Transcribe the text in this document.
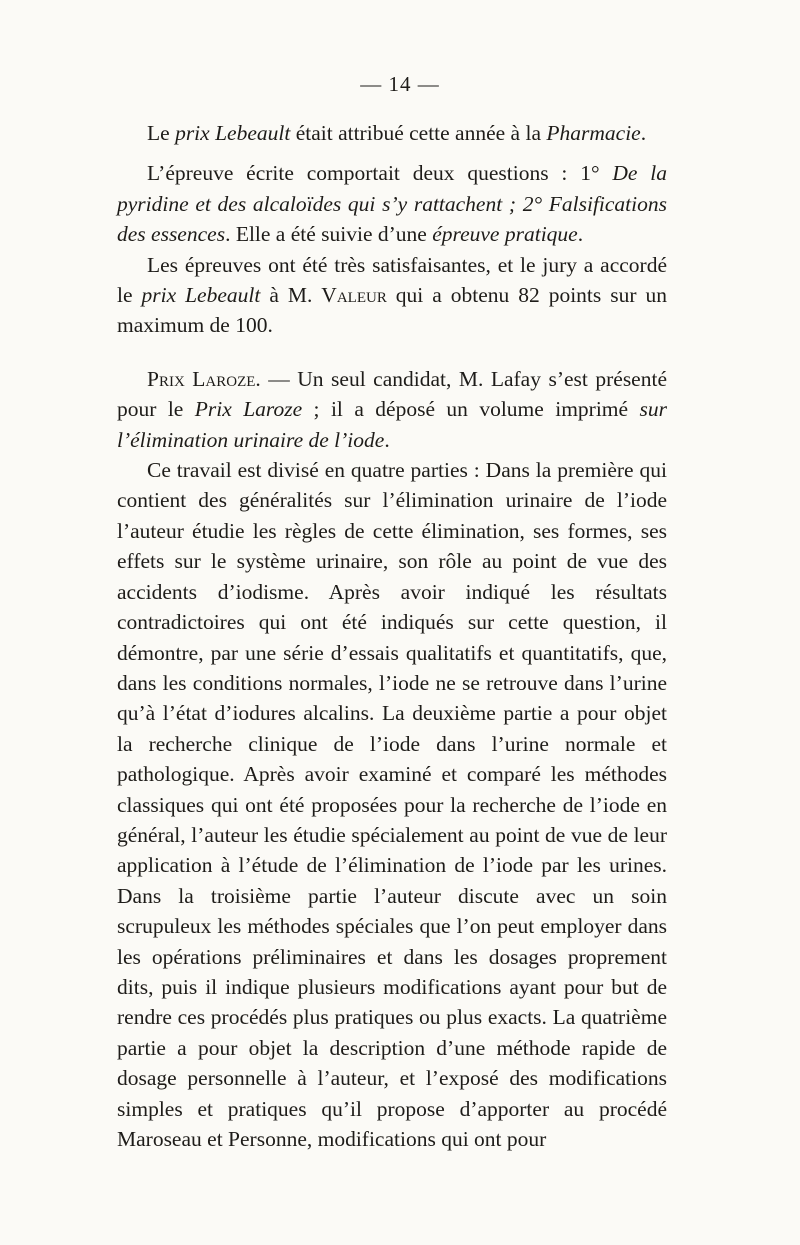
— 14 —

Le prix Lebeault était attribué cette année à la Pharmacie.

L’épreuve écrite comportait deux questions : 1° De la pyridine et des alcaloïdes qui s’y rattachent ; 2° Falsifications des essences. Elle a été suivie d’une épreuve pratique.

Les épreuves ont été très satisfaisantes, et le jury a accordé le prix Lebeault à M. Valeur qui a obtenu 82 points sur un maximum de 100.

Prix Laroze. — Un seul candidat, M. Lafay s’est présenté pour le Prix Laroze ; il a déposé un volume imprimé sur l’élimination urinaire de l’iode.

Ce travail est divisé en quatre parties : Dans la première qui contient des généralités sur l’élimination urinaire de l’iode l’auteur étudie les règles de cette élimination, ses formes, ses effets sur le système urinaire, son rôle au point de vue des accidents d’iodisme. Après avoir indiqué les résultats contradictoires qui ont été indiqués sur cette question, il démontre, par une série d’essais qualitatifs et quantitatifs, que, dans les conditions normales, l’iode ne se retrouve dans l’urine qu’à l’état d’iodures alcalins. La deuxième partie a pour objet la recherche clinique de l’iode dans l’urine normale et pathologique. Après avoir examiné et comparé les méthodes classiques qui ont été proposées pour la recherche de l’iode en général, l’auteur les étudie spécialement au point de vue de leur application à l’étude de l’élimination de l’iode par les urines. Dans la troisième partie l’auteur discute avec un soin scrupuleux les méthodes spéciales que l’on peut employer dans les opérations préliminaires et dans les dosages proprement dits, puis il indique plusieurs modifications ayant pour but de rendre ces procédés plus pratiques ou plus exacts. La quatrième partie a pour objet la description d’une méthode rapide de dosage personnelle à l’auteur, et l’exposé des modifications simples et pratiques qu’il propose d’apporter au procédé Maroseau et Personne, modifications qui ont pour
